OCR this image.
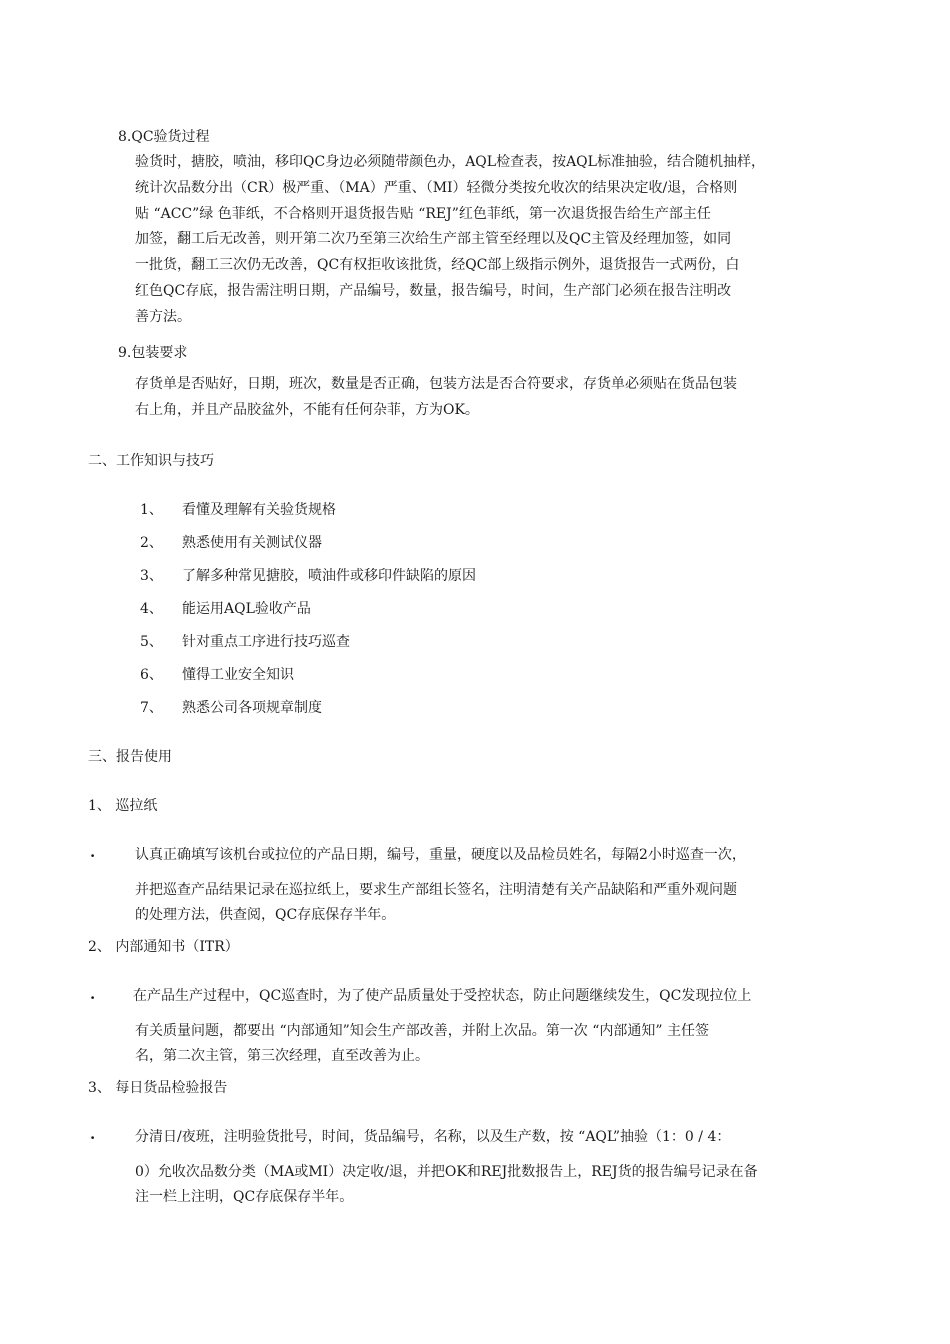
8.QC验货过程
验货时，搪胶，喷油，移印QC身边必须随带颜色办，AQL检查表，按AQL标准抽验，结合随机抽样，
统计次品数分出（CR）极严重、（MA）严重、（MI）轻微分类按允收次的结果决定收/退，合格则
贴 “ACC”绿 色菲纸，不合格则开退货报告贴 “REJ”红色菲纸，第一次退货报告给生产部主任
加签，翻工后无改善，则开第二次乃至第三次给生产部主管至经理以及QC主管及经理加签，如同
一批货，翻工三次仍无改善，QC有权拒收该批货，经QC部上级指示例外，退货报告一式两份，白
红色QC存底，报告需注明日期，产品编号，数量，报告编号，时间，生产部门必须在报告注明改
善方法。
9.包装要求
存货单是否贴好，日期，班次，数量是否正确，包装方法是否合符要求，存货单必须贴在货品包装
右上角，并且产品胶盆外，不能有任何杂菲，方为OK。
二、工作知识与技巧
1、 看懂及理解有关验货规格
2、 熟悉使用有关测试仪器
3、 了解多种常见搪胶，喷油件或移印件缺陷的原因
4、 能运用AQL验收产品
5、 针对重点工序进行技巧巡查
6、 懂得工业安全知识
7、 熟悉公司各项规章制度
三、报告使用
1、 巡拉纸
·	认真正确填写该机台或拉位的产品日期，编号，重量，硬度以及品检员姓名，每隔2小时巡查一次，
并把巡查产品结果记录在巡拉纸上，要求生产部组长签名，注明清楚有关产品缺陷和严重外观问题
的处理方法，供查阅，QC存底保存半年。
2、 内部通知书（ITR）
·	在产品生产过程中，QC巡查时，为了使产品质量处于受控状态，防止问题继续发生，QC发现拉位上
有关质量问题，都要出 “内部通知”知会生产部改善，并附上次品。第一次 “内部通知” 主任签
名，第二次主管，第三次经理，直至改善为止。
3、 每日货品检验报告
·	分清日/夜班，注明验货批号，时间，货品编号，名称，以及生产数，按 “AQL”抽验（1：0 / 4：
0）允收次品数分类（MA或MI）决定收/退，并把OK和REJ批数报告上，REJ货的报告编号记录在备
注一栏上注明，QC存底保存半年。
